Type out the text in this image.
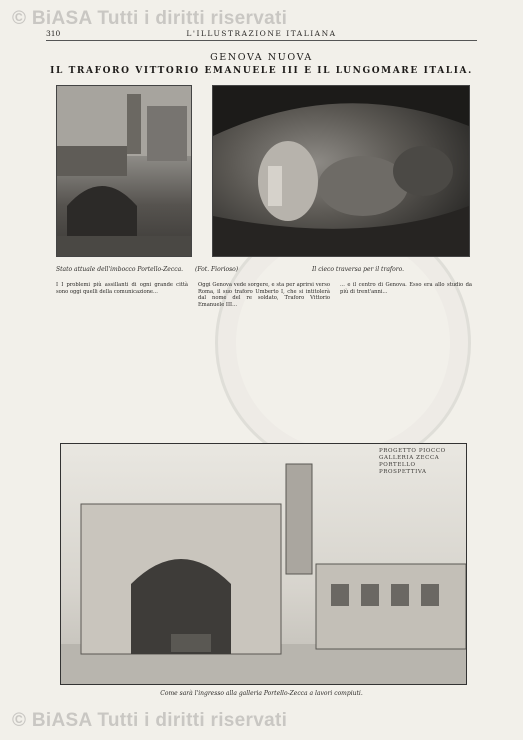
© BiASA Tutti i diritti riservati
310	L'ILLUSTRAZIONE ITALIANA
GENOVA NUOVA
IL TRAFORO VITTORIO EMANUELE III E IL LUNGOMARE ITALIA.
Stato attuale dell'imbocco Portello-Zecca. (Fot. Fiorioso)	Il cieco traversa per il traforo.
I I problemi più assillanti di ogni grande città sono oggi quelli della comunicazione...
Oggi Genova vede sorgere, e sta per aprirsi verso Roma, il suo traforo Umberto I, che si intitolerà dal nome del re soldato, Traforo Vittorio Emanuele III...
... e il centro di Genova. Esso era allo studio da più di trent'anni...
PROGETTO PIOCCO GALLERIA ZECCA PORTELLO PROSPETTIVA
Come sarà l'ingresso alla galleria Portello-Zecca a lavori compiuti.
© BiASA Tutti i diritti riservati
